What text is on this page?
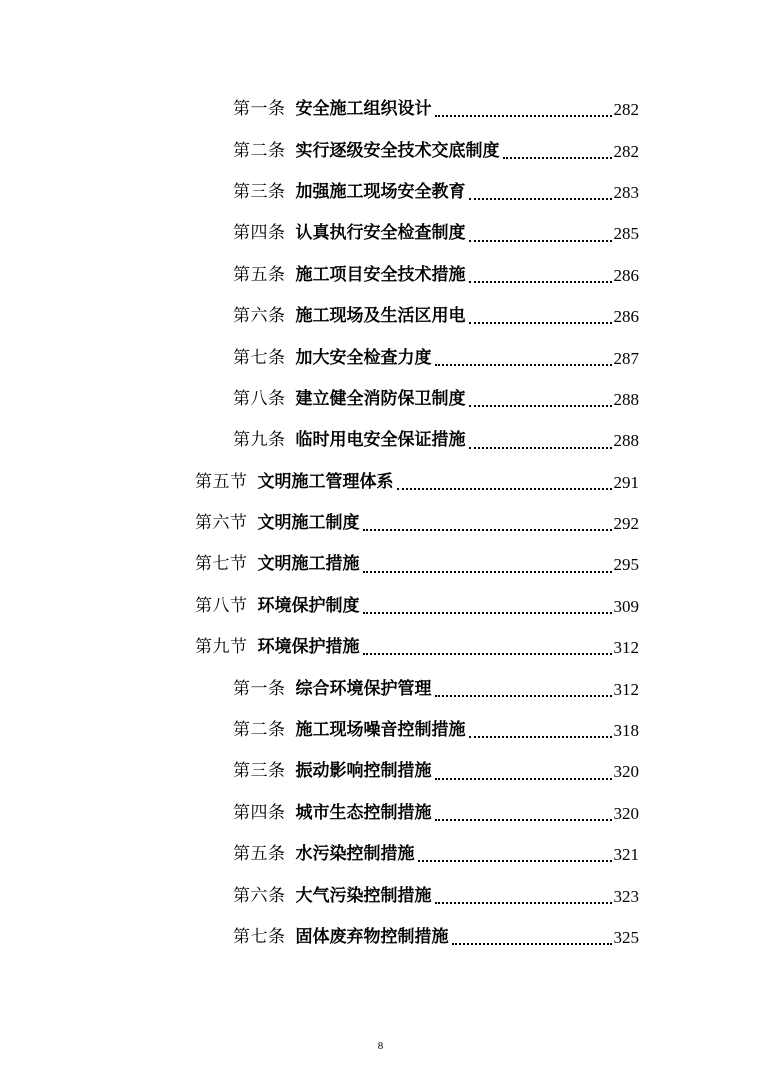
第一条 安全施工组织设计	282
第二条 实行逐级安全技术交底制度	282
第三条 加强施工现场安全教育	283
第四条 认真执行安全检查制度	285
第五条 施工项目安全技术措施	286
第六条 施工现场及生活区用电	286
第七条 加大安全检查力度	287
第八条 建立健全消防保卫制度	288
第九条 临时用电安全保证措施	288
第五节 文明施工管理体系	291
第六节 文明施工制度	292
第七节 文明施工措施	295
第八节 环境保护制度	309
第九节 环境保护措施	312
第一条 综合环境保护管理	312
第二条 施工现场噪音控制措施	318
第三条 振动影响控制措施	320
第四条 城市生态控制措施	320
第五条 水污染控制措施	321
第六条 大气污染控制措施	323
第七条 固体废弃物控制措施	325
8
